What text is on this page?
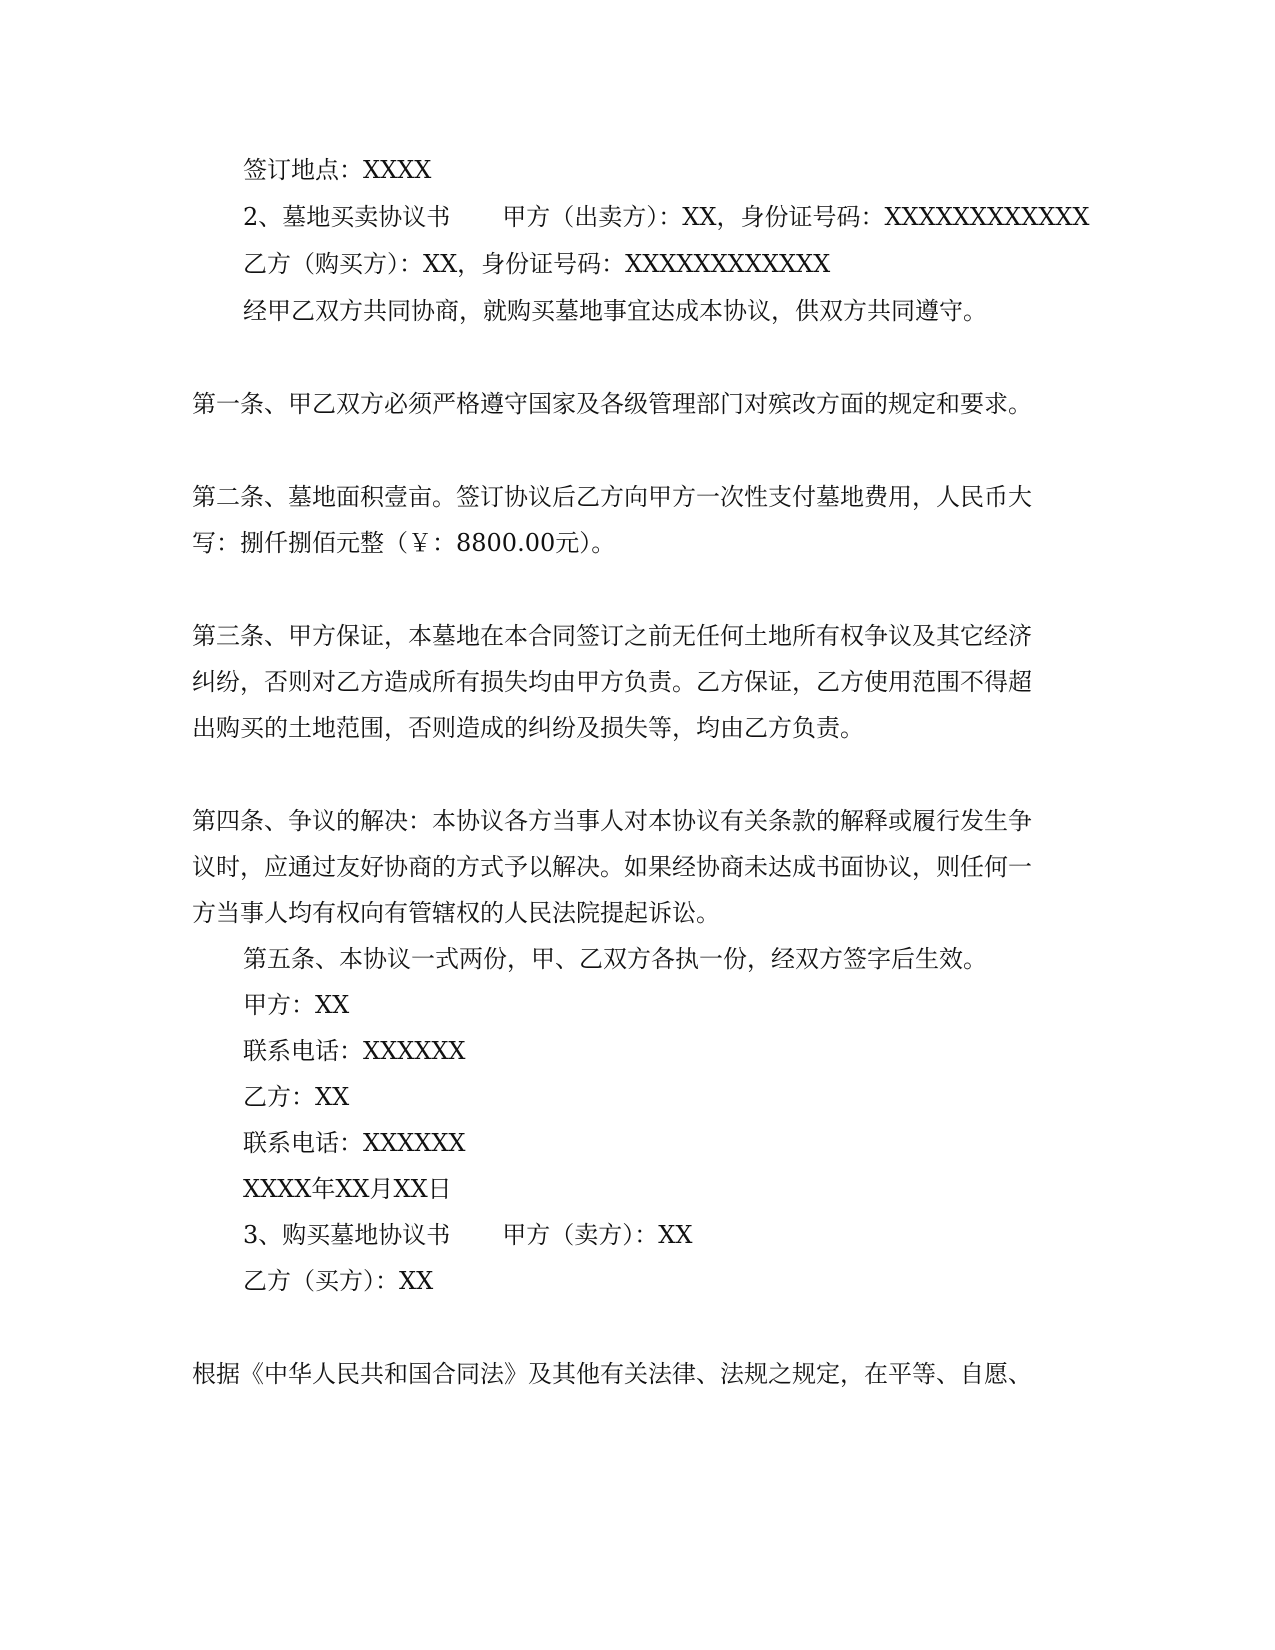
签订地点：XXXX
2、墓地买卖协议书 甲方（出卖方）：XX，身份证号码：XXXXXXXXXXXX
乙方（购买方）：XX，身份证号码：XXXXXXXXXXXX
经甲乙双方共同协商，就购买墓地事宜达成本协议，供双方共同遵守。
第一条、甲乙双方必须严格遵守国家及各级管理部门对殡改方面的规定和要求。
第二条、墓地面积壹亩。签订协议后乙方向甲方一次性支付墓地费用，人民币大
写：捌仟捌佰元整（￥：8800.00元）。
第三条、甲方保证，本墓地在本合同签订之前无任何土地所有权争议及其它经济
纠纷，否则对乙方造成所有损失均由甲方负责。乙方保证，乙方使用范围不得超
出购买的土地范围，否则造成的纠纷及损失等，均由乙方负责。
第四条、争议的解决：本协议各方当事人对本协议有关条款的解释或履行发生争
议时，应通过友好协商的方式予以解决。如果经协商未达成书面协议，则任何一
方当事人均有权向有管辖权的人民法院提起诉讼。
第五条、本协议一式两份，甲、乙双方各执一份，经双方签字后生效。
甲方：XX
联系电话：XXXXXX
乙方：XX
联系电话：XXXXXX
XXXX年XX月XX日
3、购买墓地协议书 甲方（卖方）：XX
乙方（买方）：XX
根据《中华人民共和国合同法》及其他有关法律、法规之规定，在平等、自愿、
